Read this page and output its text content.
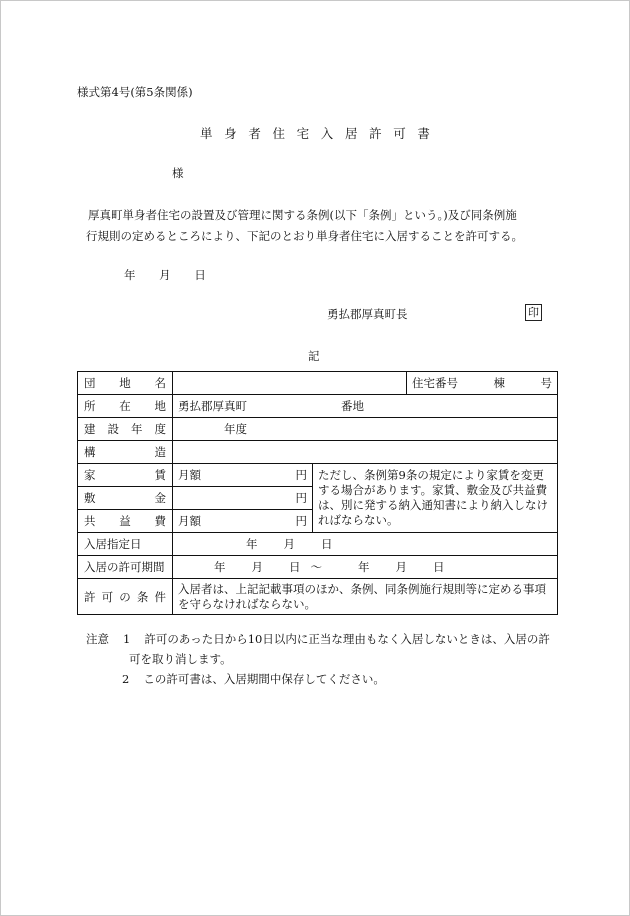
様式第4号(第5条関係)
単 身 者 住 宅 入 居 許 可 書
様
厚真町単身者住宅の設置及び管理に関する条例(以下「条例」という。)及び同条例施
行規則の定めるところにより、下記のとおり単身者住宅に入居することを許可する。
年 月 日
勇払郡厚真町長	印
記
団 地 名			住宅番号 棟 号

所 在 地	勇払郡厚真町 番地		

建 設 年 度	年度		

構 造			

家 賃	月額 円	ただし、条例第9条の規定により家賃を変更する場合があります。家賃、敷金及び共益費は、別に発する納入通知書により納入しなければならない。	

敷 金	円		

共 益 費	月額 円		

入居指定日	年 月 日		
入居の許可期間	年 月 日 ～ 年 月 日		

許 可 の 条 件	入居者は、上記記載事項のほか、条例、同条例施行規則等に定める事項を守らなければならない。		
注意 1 許可のあった日から10日以内に正当な理由もなく入居しないときは、入居の許
可を取り消します。
2 この許可書は、入居期間中保存してください。
